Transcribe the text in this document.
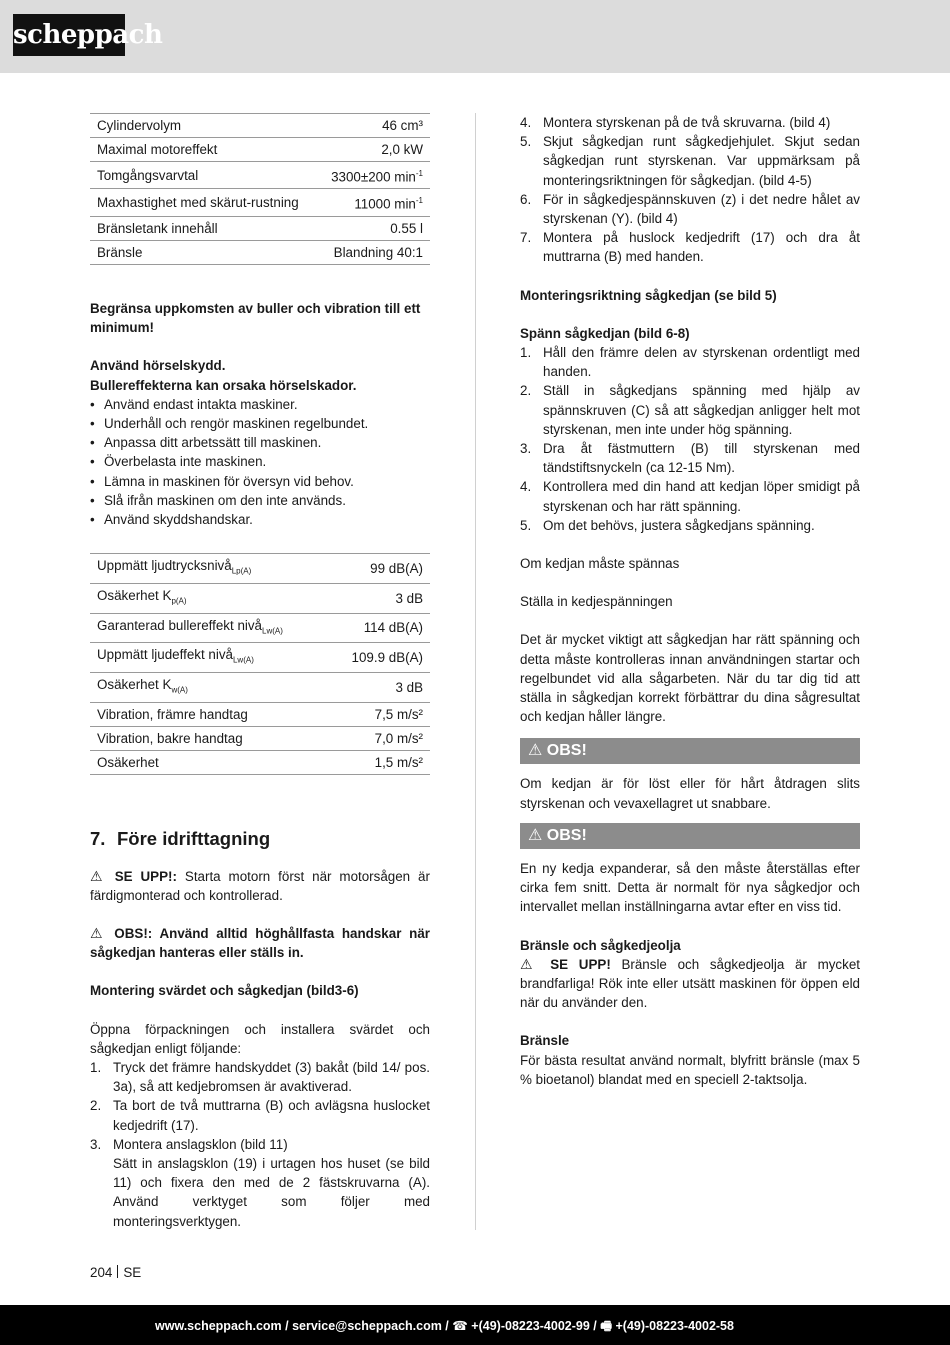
scheppach
Cylindervolym	46 cm³
Maximal motoreffekt	2,0 kW
Tomgångsvarvtal	3300±200 $\min^{-1}$
Maxhastighet med skärut-rustning	11000 $\min^{-1}$
Bränsletank innehåll	0.55 l
Bränsle	Blandning 40:1

Begränsa uppkomsten av buller och vibration till ett minimum!

Använd hörselskydd.

Bullereffekterna kan orsaka hörselskador.

• Använd endast intakta maskiner.
• Underhåll och rengör maskinen regelbundet.
• Anpassa ditt arbetssätt till maskinen.
• Överbelasta inte maskinen.
• Lämna in maskinen för översyn vid behov.
• Slå ifrån maskinen om den inte används.
• Använd skyddshandskar.
Uppmätt ljudtrycksnivå$_{Lp(A)}$	99 dB(A)
Osäkerhet $K_{p(A)}$	3 dB
Garanterad bullereffekt nivå$_{Lw(A)}$	114 dB(A)
Uppmätt ljudeffekt nivå$_{Lw(A)}$	109.9 dB(A)
Osäkerhet $K_{w(A)}$	3 dB
Vibration, främre handtag	7,5 m/s²
Vibration, bakre handtag	7,0 m/s²
Osäkerhet	1,5 m/s²
7. Före idrifttagning

⚠ SE UPP!: Starta motorn först när motorsågen är färdigmonterad och kontrollerad.

⚠ OBS!: Använd alltid höghållfasta handskar när sågkedjan hanteras eller ställs in.

Montering svärdet och sågkedjan (bild3-6)

Öppna förpackningen och installera svärdet och sågkedjan enligt följande:

1. Tryck det främre handskyddet (3) bakåt (bild 14/ pos. 3a), så att kedjebromsen är avaktiverad.
2. Ta bort de två muttrarna (B) och avlägsna huslocket kedjedrift (17).
3. Montera anslagsklon (bild 11)

Sätt in anslagsklon (19) i urtagen hos huset (se bild 11) och fixera den med de 2 fästskruvarna (A). Använd verktyget som följer med monteringsverktygen.

4. Montera styrskenan på de två skruvarna. (bild 4)
5. Skjut sågkedjan runt sågkedjehjulet. Skjut sedan sågkedjan runt styrskenan. Var uppmärksam på monteringsriktningen för sågkedjan. (bild 4-5)
6. För in sågkedjespännskuven (z) i det nedre hålet av styrskenan (Y). (bild 4)
7. Montera på huslock kedjedrift (17) och dra åt muttrarna (B) med handen.

Monteringsriktning sågkedjan (se bild 5)

Spänn sågkedjan (bild 6-8)

1. Håll den främre delen av styrskenan ordentligt med handen.
2. Ställ in sågkedjans spänning med hjälp av spännskruven (C) så att sågkedjan anligger helt mot styrskenan, men inte under hög spänning.
3. Dra åt fästmuttern (B) till styrskenan med tändstiftsnyckeln (ca 12-15 Nm).
4. Kontrollera med din hand att kedjan löper smidigt på styrskenan och har rätt spänning.
5. Om det behövs, justera sågkedjans spänning.

Om kedjan måste spännas

Ställa in kedjespänningen

Det är mycket viktigt att sågkedjan har rätt spänning och detta måste kontrolleras innan användningen startar och regelbundet vid alla sågarbeten. När du tar dig tid att ställa in sågkedjan korrekt förbättrar du dina sågresultat och kedjan håller längre.

⚠ OBS!

Om kedjan är för löst eller för hårt åtdragen slits styrskenan och vevaxellagret ut snabbare.

⚠ OBS!

En ny kedja expanderar, så den måste återställas efter cirka fem snitt. Detta är normalt för nya sågkedjor och intervallet mellan inställningarna avtar efter en viss tid.

Bränsle och sågkedjeolja

⚠ SE UPP! Bränsle och sågkedjeolja är mycket brandfarliga! Rök inte eller utsätt maskinen för öppen eld när du använder den.

Bränsle

För bästa resultat använd normalt, blyfritt bränsle (max 5 % bioetanol) blandat med en speciell 2-taktsolja.

204 SE
www.scheppach.com / service@scheppach.com / ☎ +(49)-08223-4002-99 / 🖷 +(49)-08223-4002-58
